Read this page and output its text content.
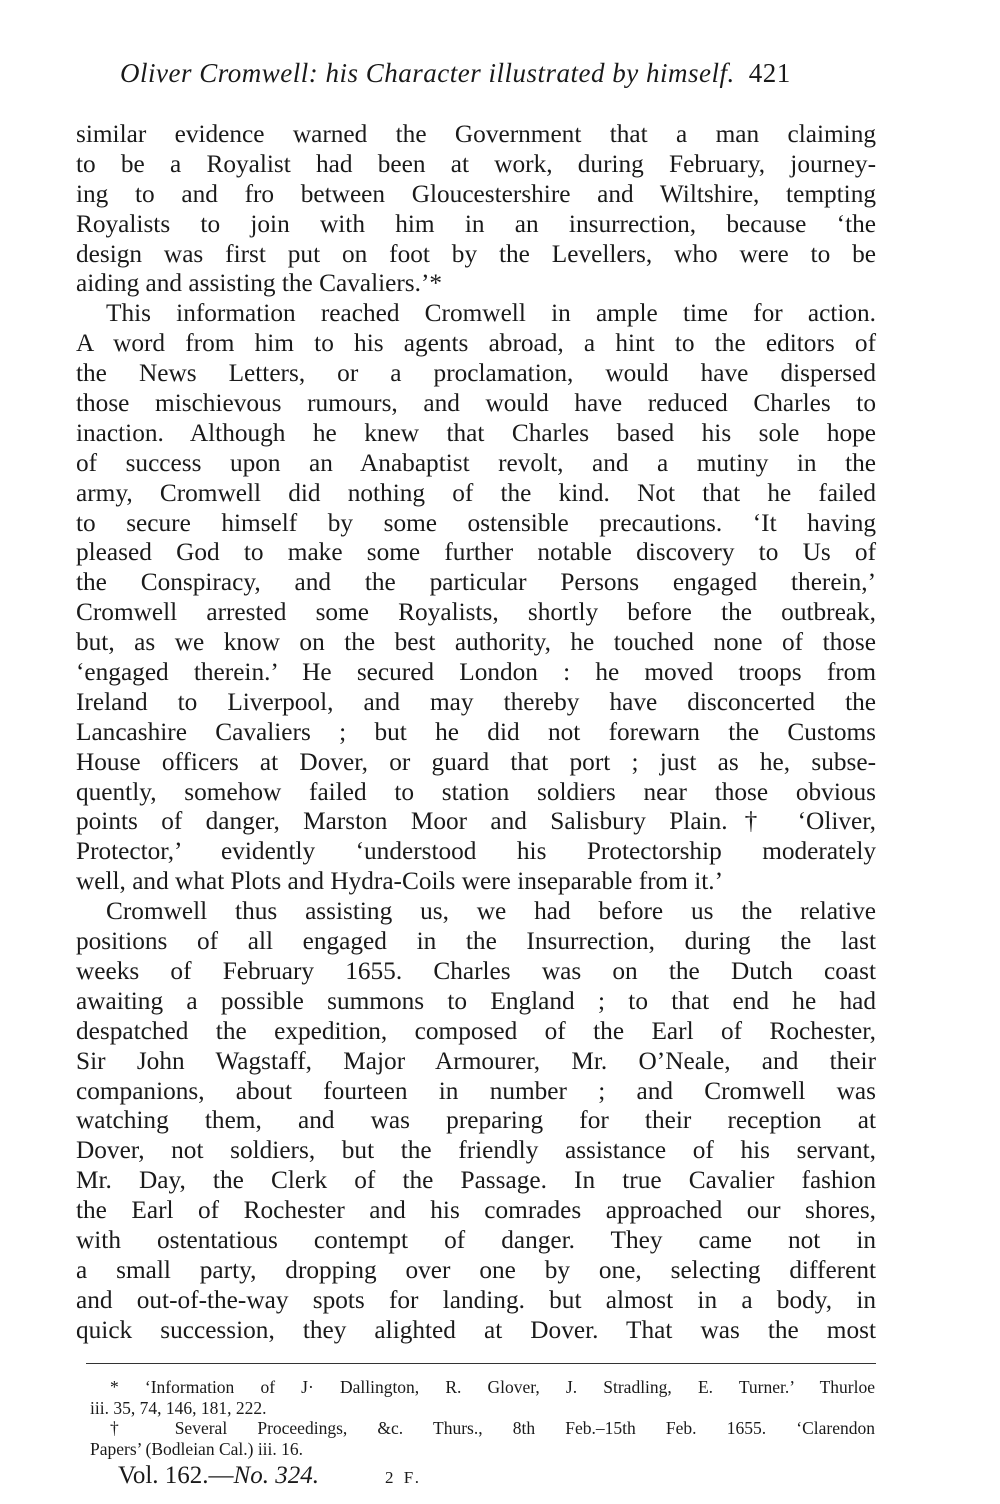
Oliver Cromwell: his Character illustrated by himself. 421
similar evidence warned the Government that a man claiming
to be a Royalist had been at work, during February, journey-
ing to and fro between Gloucestershire and Wiltshire, tempting
Royalists to join with him in an insurrection, because ‘the
design was first put on foot by the Levellers, who were to be
aiding and assisting the Cavaliers.’*
This information reached Cromwell in ample time for action.
A word from him to his agents abroad, a hint to the editors of
the News Letters, or a proclamation, would have dispersed
those mischievous rumours, and would have reduced Charles to
inaction. Although he knew that Charles based his sole hope
of success upon an Anabaptist revolt, and a mutiny in the
army, Cromwell did nothing of the kind. Not that he failed
to secure himself by some ostensible precautions. ‘It having
pleased God to make some further notable discovery to Us of
the Conspiracy, and the particular Persons engaged therein,’
Cromwell arrested some Royalists, shortly before the outbreak,
but, as we know on the best authority, he touched none of those
‘engaged therein.’ He secured London : he moved troops from
Ireland to Liverpool, and may thereby have disconcerted the
Lancashire Cavaliers ; but he did not forewarn the Customs
House officers at Dover, or guard that port ; just as he, subse-
quently, somehow failed to station soldiers near those obvious
points of danger, Marston Moor and Salisbury Plain.† ‘Oliver,
Protector,’ evidently ‘understood his Protectorship moderately
well, and what Plots and Hydra-Coils were inseparable from it.’
Cromwell thus assisting us, we had before us the relative
positions of all engaged in the Insurrection, during the last
weeks of February 1655. Charles was on the Dutch coast
awaiting a possible summons to England ; to that end he had
despatched the expedition, composed of the Earl of Rochester,
Sir John Wagstaff, Major Armourer, Mr. O’Neale, and their
companions, about fourteen in number ; and Cromwell was
watching them, and was preparing for their reception at
Dover, not soldiers, but the friendly assistance of his servant,
Mr. Day, the Clerk of the Passage. In true Cavalier fashion
the Earl of Rochester and his comrades approached our shores,
with ostentatious contempt of danger. They came not in
a small party, dropping over one by one, selecting different
and out-of-the-way spots for landing. but almost in a body, in
quick succession, they alighted at Dover. That was the most
* ‘Information of J· Dallington, R. Glover, J. Stradling, E. Turner.’ Thurloe
iii. 35, 74, 146, 181, 222.
† Several Proceedings, &c. Thurs., 8th Feb.–15th Feb. 1655. ‘Clarendon
Papers’ (Bodleian Cal.) iii. 16.
Vol. 162.—No. 324.	2 F.
